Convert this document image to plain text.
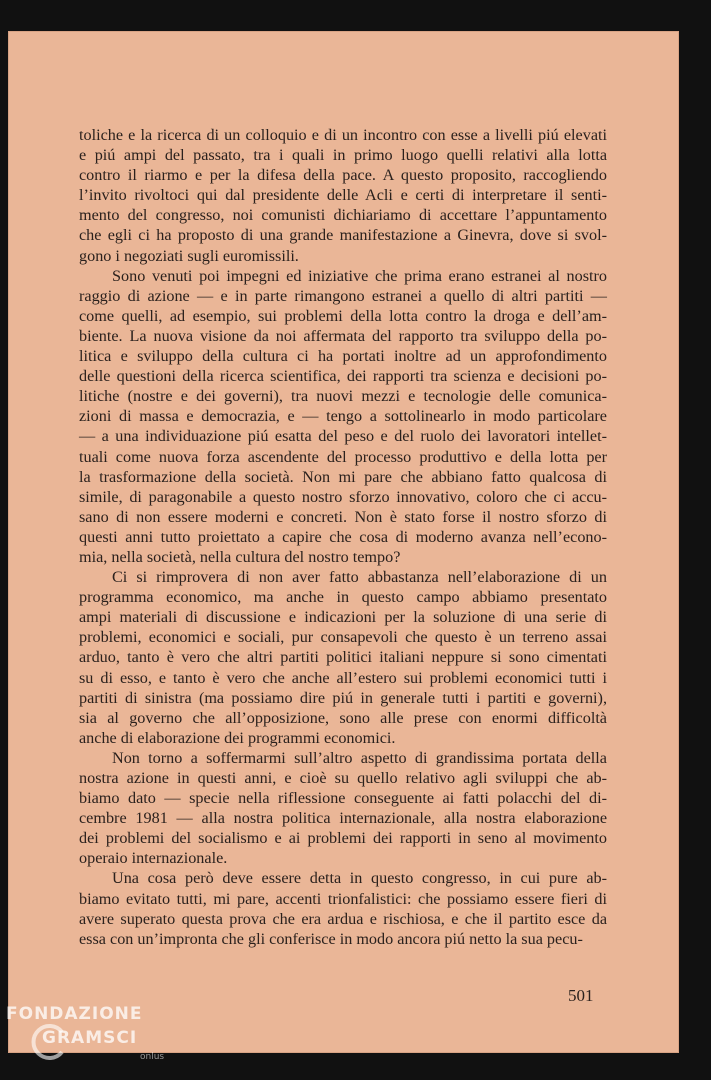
toliche e la ricerca di un colloquio e di un incontro con esse a livelli piú elevati
e piú ampi del passato, tra i quali in primo luogo quelli relativi alla lotta
contro il riarmo e per la difesa della pace. A questo proposito, raccogliendo
l’invito rivoltoci qui dal presidente delle Acli e certi di interpretare il senti-
mento del congresso, noi comunisti dichiariamo di accettare l’appuntamento
che egli ci ha proposto di una grande manifestazione a Ginevra, dove si svol-
gono i negoziati sugli euromissili.
Sono venuti poi impegni ed iniziative che prima erano estranei al nostro
raggio di azione — e in parte rimangono estranei a quello di altri partiti —
come quelli, ad esempio, sui problemi della lotta contro la droga e dell’am-
biente. La nuova visione da noi affermata del rapporto tra sviluppo della po-
litica e sviluppo della cultura ci ha portati inoltre ad un approfondimento
delle questioni della ricerca scientifica, dei rapporti tra scienza e decisioni po-
litiche (nostre e dei governi), tra nuovi mezzi e tecnologie delle comunica-
zioni di massa e democrazia, e — tengo a sottolinearlo in modo particolare
— a una individuazione piú esatta del peso e del ruolo dei lavoratori intellet-
tuali come nuova forza ascendente del processo produttivo e della lotta per
la trasformazione della società. Non mi pare che abbiano fatto qualcosa di
simile, di paragonabile a questo nostro sforzo innovativo, coloro che ci accu-
sano di non essere moderni e concreti. Non è stato forse il nostro sforzo di
questi anni tutto proiettato a capire che cosa di moderno avanza nell’econo-
mia, nella società, nella cultura del nostro tempo?
Ci si rimprovera di non aver fatto abbastanza nell’elaborazione di un
programma economico, ma anche in questo campo abbiamo presentato
ampi materiali di discussione e indicazioni per la soluzione di una serie di
problemi, economici e sociali, pur consapevoli che questo è un terreno assai
arduo, tanto è vero che altri partiti politici italiani neppure si sono cimentati
su di esso, e tanto è vero che anche all’estero sui problemi economici tutti i
partiti di sinistra (ma possiamo dire piú in generale tutti i partiti e governi),
sia al governo che all’opposizione, sono alle prese con enormi difficoltà
anche di elaborazione dei programmi economici.
Non torno a soffermarmi sull’altro aspetto di grandissima portata della
nostra azione in questi anni, e cioè su quello relativo agli sviluppi che ab-
biamo dato — specie nella riflessione conseguente ai fatti polacchi del di-
cembre 1981 — alla nostra politica internazionale, alla nostra elaborazione
dei problemi del socialismo e ai problemi dei rapporti in seno al movimento
operaio internazionale.
Una cosa però deve essere detta in questo congresso, in cui pure ab-
biamo evitato tutti, mi pare, accenti trionfalistici: che possiamo essere fieri di
avere superato questa prova che era ardua e rischiosa, e che il partito esce da
essa con un’impronta che gli conferisce in modo ancora piú netto la sua pecu-
501
FONDAZIONE
GRAMSCI
onlus
